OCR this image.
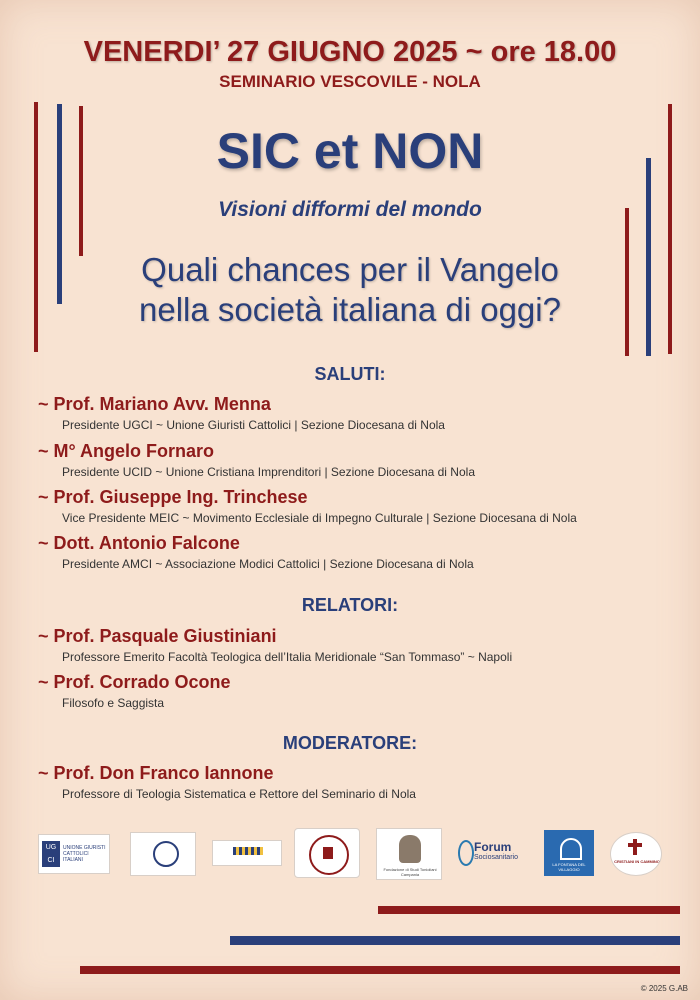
VENERDI’ 27 GIUGNO 2025 ~ ore 18.00
SEMINARIO VESCOVILE - NOLA
SIC et NON
Visioni difformi del mondo
Quali chances per il Vangelo
nella società italiana di oggi?
SALUTI:
~ Prof. Mariano Avv. Menna
Presidente UGCI ~ Unione Giuristi Cattolici | Sezione Diocesana di Nola
~ M° Angelo Fornaro
Presidente UCID ~ Unione Cristiana Imprenditori | Sezione Diocesana di Nola
~ Prof. Giuseppe Ing. Trinchese
Vice Presidente MEIC ~ Movimento Ecclesiale di Impegno Culturale | Sezione Diocesana di Nola
~ Dott. Antonio Falcone
Presidente AMCI ~ Associazione Modici Cattolici | Sezione Diocesana di Nola
RELATORI:
~ Prof. Pasquale Giustiniani
Professore Emerito Facoltà Teologica dell’Italia Meridionale “San Tommaso” ~ Napoli
~ Prof. Corrado Ocone
Filosofo e Saggista
MODERATORE:
~ Prof. Don Franco Iannone
Professore di Teologia Sistematica e Rettore del Seminario di Nola
UG
CI
UNIONE GIURISTI CATTOLICI ITALIANI
Fondazione di Studi Tonioliani Campania
Forum
Sociosanitario
LA FONTANA DEL VILLAGGIO
CRISTIANI IN CAMMINO
© 2025 G.AB
